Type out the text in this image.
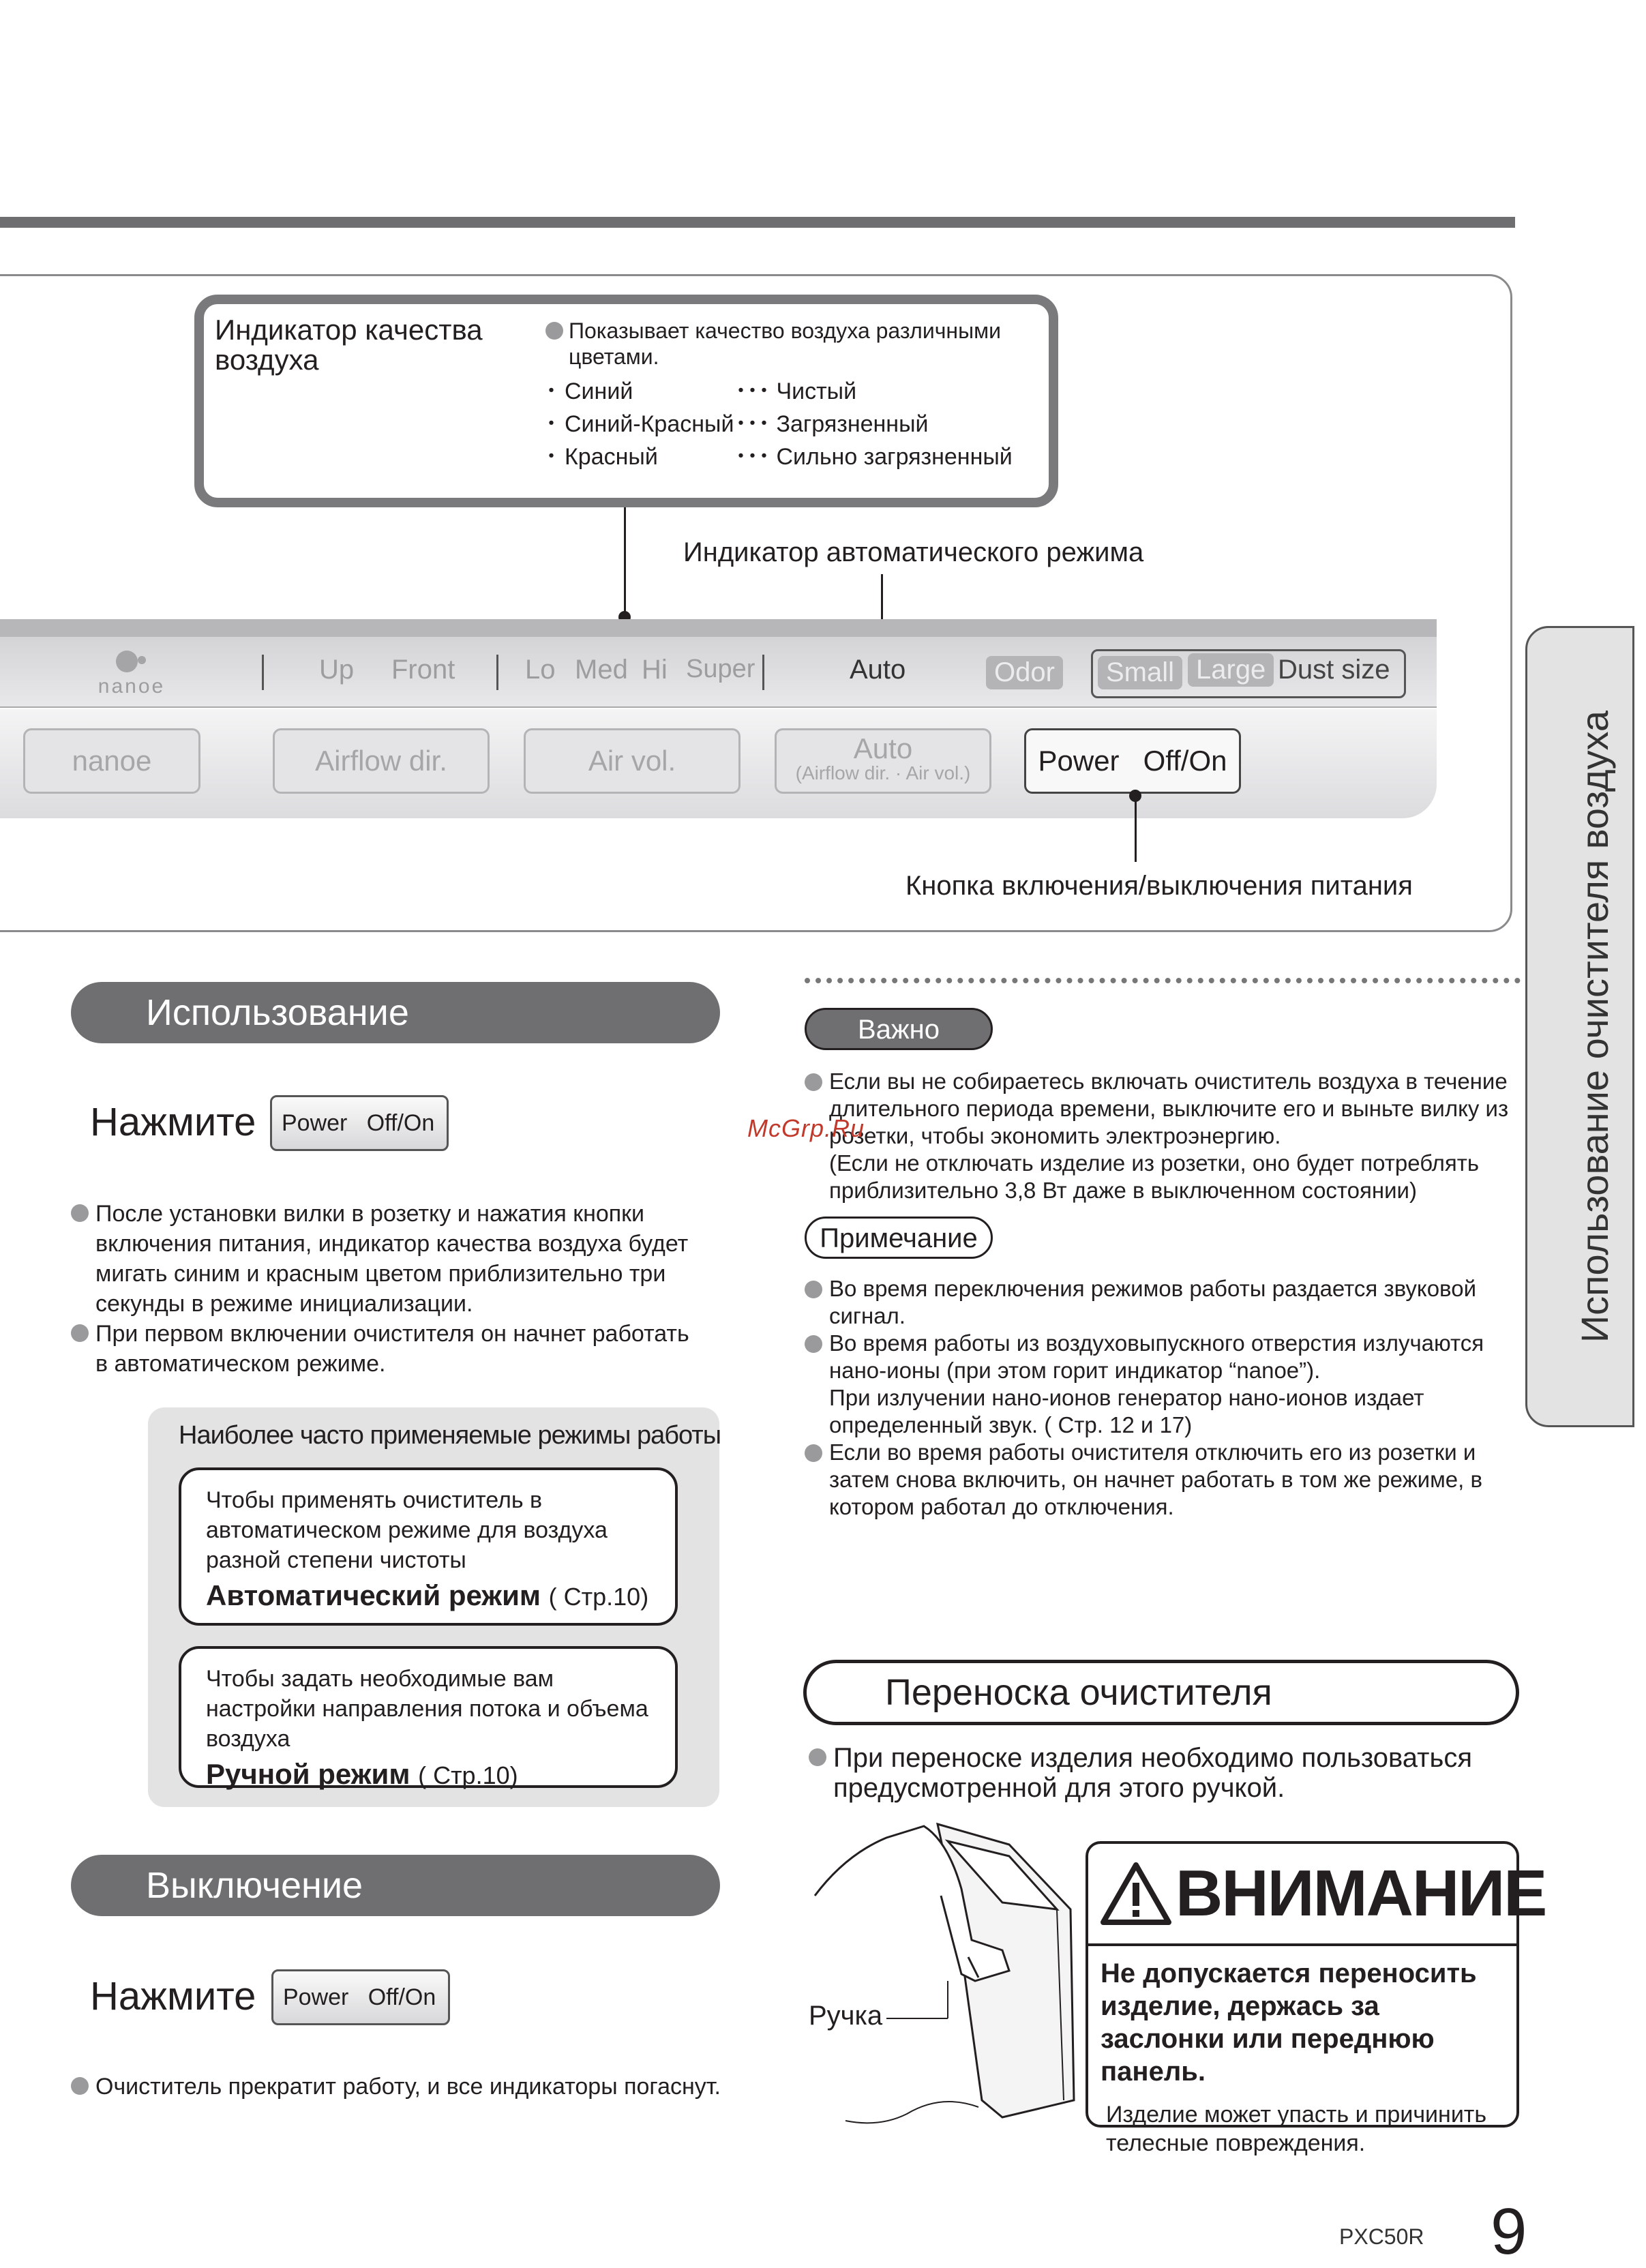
Индикатор качества воздуха
Показывает качество воздуха различными цветами.
･ Синий	･･･ Чистый
･ Синий-Красный･･･ Загрязненный
･ Красный	･･･ Сильно загрязненный
Индикатор автоматического режима
nanoe
Up Front	Lo Med Hi Super	Auto	Odor	Small Large Dust size
nanoe	Airflow dir.	Air vol.	Auto
(Airflow dir. · Air vol.)	Power Off/On
Кнопка включения/выключения питания
Использование
Нажмите	Power Off/On
После установки вилки в розетку и нажатия кнопки включения питания, индикатор качества воздуха будет мигать синим и красным цветом приблизительно три секунды в режиме инициализации.
При первом включении очистителя он начнет работать в автоматическом режиме.
Наиболее часто применяемые режимы работы
Чтобы применять очиститель в автоматическом режиме для воздуха разной степени чистоты
Автоматический режим ( Стр.10)
Чтобы задать необходимые вам настройки направления потока и объема воздуха
Ручной режим ( Стр.10)
Выключение
Нажмите	Power Off/On
Очиститель прекратит работу, и все индикаторы погаснут.
Важно
Если вы не собираетесь включать очиститель воздуха в течение длительного периода времени, выключите его и выньте вилку из розетки, чтобы экономить электроэнергию.
(Если не отключать изделие из розетки, оно будет потреблять приблизительно 3,8 Вт даже в выключенном состоянии)
McGrp.Ru
Примечание
Во время переключения режимов работы раздается звуковой сигнал.
Во время работы из воздуховыпускного отверстия излучаются нано-ионы (при этом горит индикатор “nanoe”).
При излучении нано-ионов генератор нано-ионов издает определенный звук. ( Стр. 12 и 17)
Если во время работы очистителя отключить его из розетки и затем снова включить, он начнет работать в том же режиме, в котором работал до отключения.
Переноска очистителя
При переноске изделия необходимо пользоваться предусмотренной для этого ручкой.
Ручка
ВНИМАНИЕ
Не допускается переносить изделие, держась за заслонки или переднюю панель.
Изделие может упасть и причинить телесные повреждения.
Использование очистителя воздуха
PXC50R 9
